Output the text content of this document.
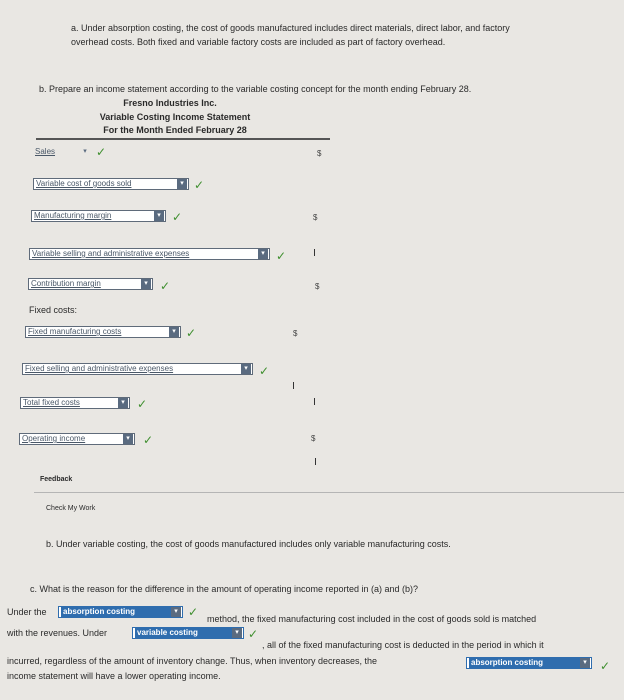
a. Under absorption costing, the cost of goods manufactured includes direct materials, direct labor, and factory
overhead costs. Both fixed and variable factory costs are included as part of factory overhead.
b. Prepare an income statement according to the variable costing concept for the month ending February 28.
Fresno Industries Inc.
Variable Costing Income Statement
For the Month Ended February 28
Sales	▾ ✓	$
Variable cost of goods sold	▾ ✓
Manufacturing margin	▾ ✓	$
Variable selling and administrative expenses	▾ ✓
Contribution margin	▾ ✓	$
Fixed costs:
Fixed manufacturing costs	▾ ✓	$
Fixed selling and administrative expenses	▾ ✓
Total fixed costs	▾ ✓
Operating income	▾ ✓	$
Feedback
Check My Work
b. Under variable costing, the cost of goods manufactured includes only variable manufacturing costs.
c. What is the reason for the difference in the amount of operating income reported in (a) and (b)?
Under the absorption costing	▾ ✓ method, the fixed manufacturing cost included in the cost of goods sold is matched
with the revenues. Under	variable costing	▾ ✓
, all of the fixed manufacturing cost is deducted in the period in which it
incurred, regardless of the amount of inventory change. Thus, when inventory decreases, the	absorption costing	▾ ✓
income statement will have a lower operating income.
